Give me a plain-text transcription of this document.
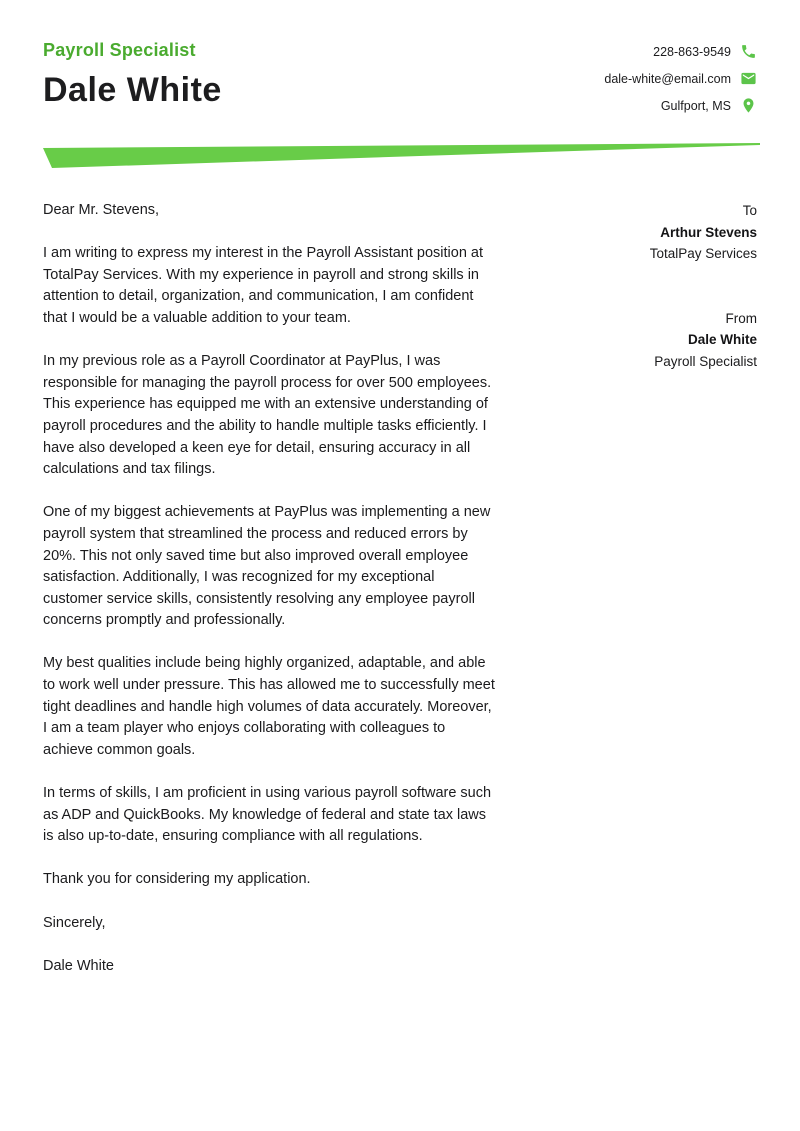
Payroll Specialist
Dale White
228-863-9549
dale-white@email.com
Gulfport, MS

Dear Mr. Stevens,

I am writing to express my interest in the Payroll Assistant position at TotalPay Services. With my experience in payroll and strong skills in attention to detail, organization, and communication, I am confident that I would be a valuable addition to your team.

In my previous role as a Payroll Coordinator at PayPlus, I was responsible for managing the payroll process for over 500 employees. This experience has equipped me with an extensive understanding of payroll procedures and the ability to handle multiple tasks efficiently. I have also developed a keen eye for detail, ensuring accuracy in all calculations and tax filings.

One of my biggest achievements at PayPlus was implementing a new payroll system that streamlined the process and reduced errors by 20%. This not only saved time but also improved overall employee satisfaction. Additionally, I was recognized for my exceptional customer service skills, consistently resolving any employee payroll concerns promptly and professionally.

My best qualities include being highly organized, adaptable, and able to work well under pressure. This has allowed me to successfully meet tight deadlines and handle high volumes of data accurately. Moreover, I am a team player who enjoys collaborating with colleagues to achieve common goals.

In terms of skills, I am proficient in using various payroll software such as ADP and QuickBooks. My knowledge of federal and state tax laws is also up-to-date, ensuring compliance with all regulations.

Thank you for considering my application.

Sincerely,

Dale White

To
Arthur Stevens
TotalPay Services
From
Dale White
Payroll Specialist
